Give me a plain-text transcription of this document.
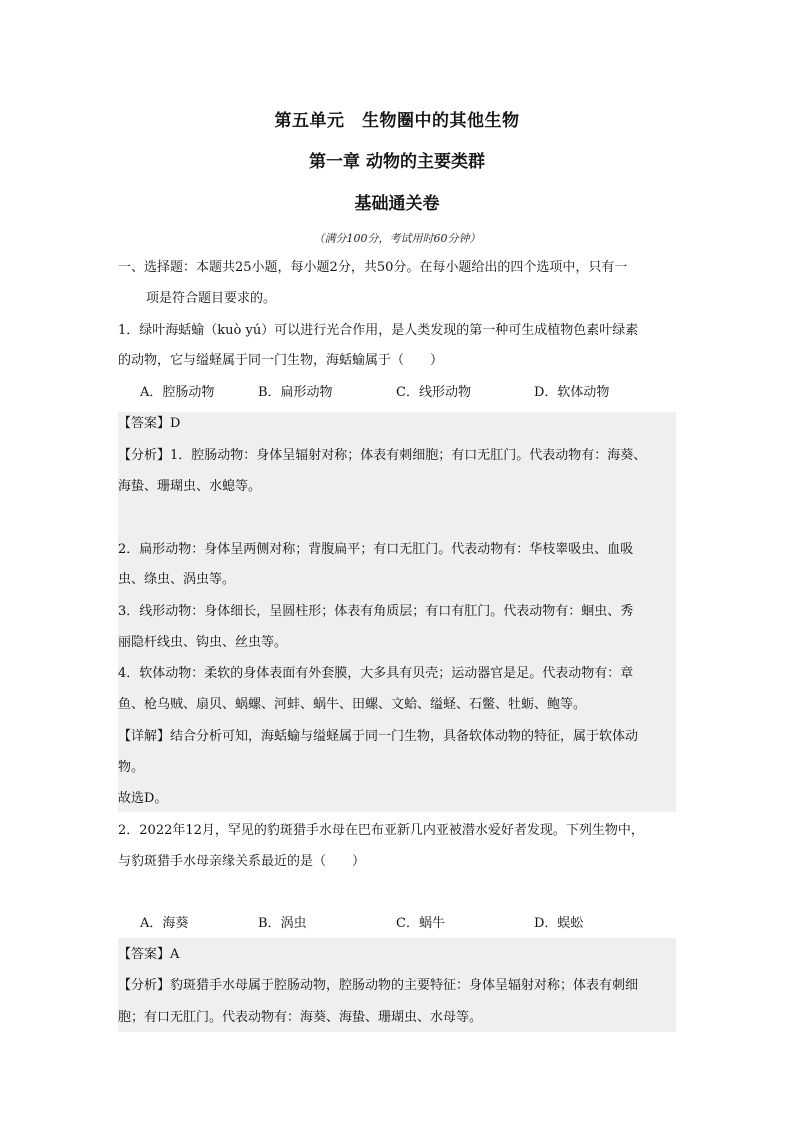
第五单元　生物圈中的其他生物
第一章 动物的主要类群
基础通关卷
（满分100分，考试用时60分钟）
一、选择题：本题共25小题，每小题2分，共50分。在每小题给出的四个选项中，只有一
项是符合题目要求的。
1．绿叶海蛞蝓（kuò yú）可以进行光合作用，是人类发现的第一种可生成植物色素叶绿素
的动物，它与缢蛏属于同一门生物，海蛞蝓属于（　　）
A．腔肠动物	B．扁形动物	C．线形动物	D．软体动物
【答案】D
【分析】1．腔肠动物：身体呈辐射对称；体表有刺细胞；有口无肛门。代表动物有：海葵、
海蛰、珊瑚虫、水螅等。
2．扁形动物：身体呈两侧对称；背腹扁平；有口无肛门。代表动物有：华枝睾吸虫、血吸
虫、绦虫、涡虫等。
3．线形动物：身体细长，呈圆柱形；体表有角质层；有口有肛门。代表动物有：蛔虫、秀
丽隐杆线虫、钩虫、丝虫等。
4．软体动物：柔软的身体表面有外套膜，大多具有贝壳；运动器官是足。代表动物有：章
鱼、枪乌贼、扇贝、蜗螺、河蚌、蜗牛、田螺、文蛤、缢蛏、石鳖、牡蛎、鲍等。
【详解】结合分析可知，海蛞蝓与缢蛏属于同一门生物，具备软体动物的特征，属于软体动
物。
故选D。
2．2022年12月，罕见的豹斑猎手水母在巴布亚新几内亚被潜水爱好者发现。下列生物中，
与豹斑猎手水母亲缘关系最近的是（　　）
A．海葵	B．涡虫	C．蜗牛	D．蜈蚣
【答案】A
【分析】豹斑猎手水母属于腔肠动物，腔肠动物的主要特征：身体呈辐射对称；体表有刺细
胞；有口无肛门。代表动物有：海葵、海蛰、珊瑚虫、水母等。
